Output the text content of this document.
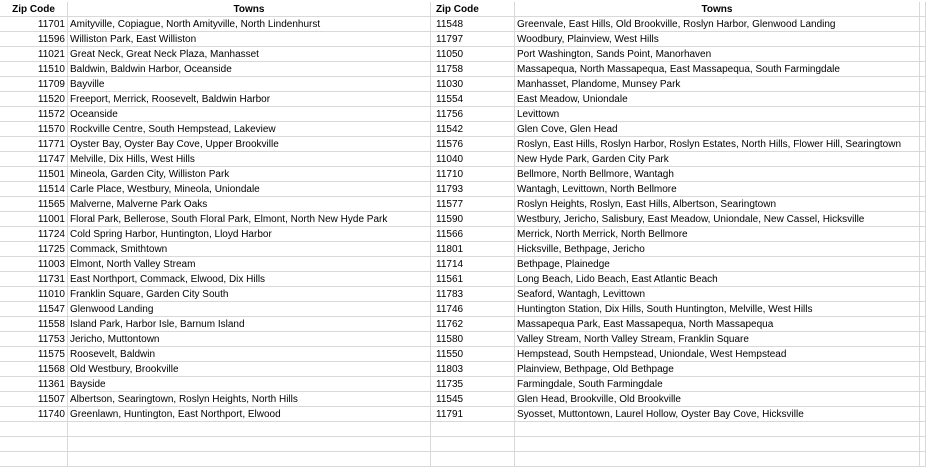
Zip Code	Towns	Zip Code	Towns
11701 Amityville, Copiague, North Amityville, North Lindenhurst	11548	Greenvale, East Hills, Old Brookville, Roslyn Harbor, Glenwood Landing
11596 Williston Park, East Williston	11797	Woodbury, Plainview, West Hills
11021 Great Neck, Great Neck Plaza, Manhasset	11050	Port Washington, Sands Point, Manorhaven
11510 Baldwin, Baldwin Harbor, Oceanside	11758	Massapequa, North Massapequa, East Massapequa, South Farmingdale
11709 Bayville	11030	Manhasset, Plandome, Munsey Park
11520 Freeport, Merrick, Roosevelt, Baldwin Harbor	11554	East Meadow, Uniondale
11572 Oceanside	11756	Levittown
11570 Rockville Centre, South Hempstead, Lakeview	11542	Glen Cove, Glen Head
11771 Oyster Bay, Oyster Bay Cove, Upper Brookville	11576	Roslyn, East Hills, Roslyn Harbor, Roslyn Estates, North Hills, Flower Hill, Searingtown
11747 Melville, Dix Hills, West Hills	11040	New Hyde Park, Garden City Park
11501 Mineola, Garden City, Williston Park	11710	Bellmore, North Bellmore, Wantagh
11514 Carle Place, Westbury, Mineola, Uniondale	11793	Wantagh, Levittown, North Bellmore
11565 Malverne, Malverne Park Oaks	11577	Roslyn Heights, Roslyn, East Hills, Albertson, Searingtown
11001 Floral Park, Bellerose, South Floral Park, Elmont, North New Hyde Park	11590	Westbury, Jericho, Salisbury, East Meadow, Uniondale, New Cassel, Hicksville
11724 Cold Spring Harbor, Huntington, Lloyd Harbor	11566	Merrick, North Merrick, North Bellmore
11725 Commack, Smithtown	11801	Hicksville, Bethpage, Jericho
11003 Elmont, North Valley Stream	11714	Bethpage, Plainedge
11731 East Northport, Commack, Elwood, Dix Hills	11561	Long Beach, Lido Beach, East Atlantic Beach
11010 Franklin Square, Garden City South	11783	Seaford, Wantagh, Levittown
11547 Glenwood Landing	11746	Huntington Station, Dix Hills, South Huntington, Melville, West Hills
11558 Island Park, Harbor Isle, Barnum Island	11762	Massapequa Park, East Massapequa, North Massapequa
11753 Jericho, Muttontown	11580	Valley Stream, North Valley Stream, Franklin Square
11575 Roosevelt, Baldwin	11550	Hempstead, South Hempstead, Uniondale, West Hempstead
11568 Old Westbury, Brookville	11803	Plainview, Bethpage, Old Bethpage
11361 Bayside	11735	Farmingdale, South Farmingdale
11507 Albertson, Searingtown, Roslyn Heights, North Hills	11545	Glen Head, Brookville, Old Brookville
11740 Greenlawn, Huntington, East Northport, Elwood	11791	Syosset, Muttontown, Laurel Hollow, Oyster Bay Cove, Hicksville
